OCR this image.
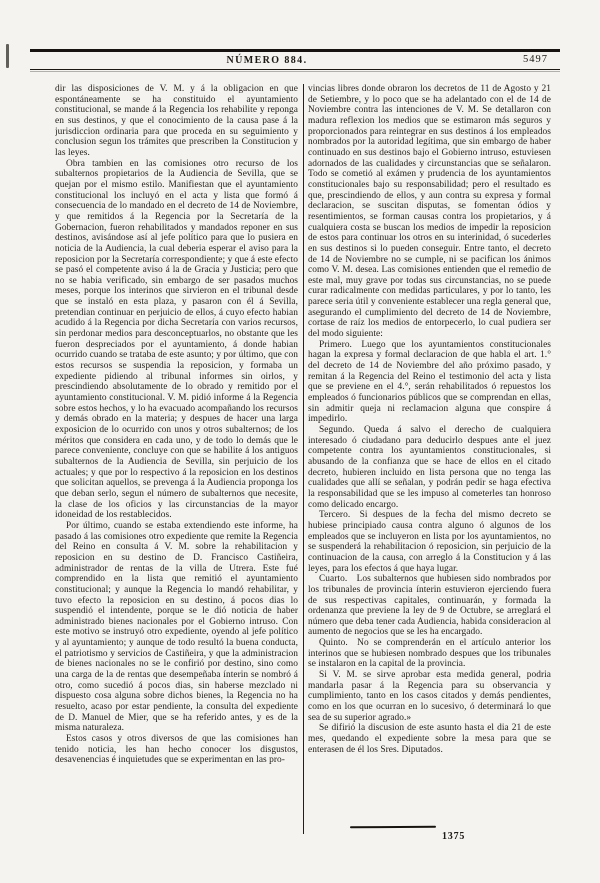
NÚMERO 884.	5497

dir las disposiciones de V. M. y á la obligacion en que espontáneamente se ha constituido el ayuntamiento constitucional, se mande á la Regencia los rehabilite y reponga en sus destinos, y que el conocimiento de la causa pase á la jurisdiccion ordinaria para que proceda en su seguimiento y conclusion segun los trámites que prescriben la Constitucion y las leyes.

Obra tambien en las comisiones otro recurso de los subalternos propietarios de la Audiencia de Sevilla, que se quejan por el mismo estilo. Manifiestan que el ayuntamiento constitucional los incluyó en el acta y lista que formó á consecuencia de lo mandado en el decreto de 14 de Noviembre, y que remitidos á la Regencia por la Secretaría de la Gobernacion, fueron rehabilitados y mandados reponer en sus destinos, avisándose así al jefe político para que lo pusiera en noticia de la Audiencia, la cual deberia esperar el aviso para la reposicion por la Secretaría correspondiente; y que á este efecto se pasó el competente aviso á la de Gracia y Justicia; pero que no se habia verificado, sin embargo de ser pasados muchos meses, porque los interinos que sirvieron en el tribunal desde que se instaló en esta plaza, y pasaron con él á Sevilla, pretendian continuar en perjuicio de ellos, á cuyo efecto habian acudido á la Regencia por dicha Secretaría con varios recursos, sin perdonar medios para desconceptuarlos, no obstante que les fueron despreciados por el ayuntamiento, á donde habian ocurrido cuando se trataba de este asunto; y por último, que con estos recursos se suspendia la reposicion, y formaba un expediente pidiendo al tribunal informes sin oirlos, y prescindiendo absolutamente de lo obrado y remitido por el ayuntamiento constitucional. V. M. pidió informe á la Regencia sobre estos hechos, y lo ha evacuado acompañando los recursos y demás obrado en la materia; y despues de hacer una larga exposicion de lo ocurrido con unos y otros subalternos; de los méritos que considera en cada uno, y de todo lo demás que le parece conveniente, concluye con que se habilite á los antiguos subalternos de la Audiencia de Sevilla, sin perjuicio de los actuales; y que por lo respectivo á la reposicion en los destinos que solicitan aquellos, se prevenga á la Audiencia proponga los que deban serlo, segun el número de subalternos que necesite, la clase de los oficios y las circunstancias de la mayor idoneidad de los restablecidos.

Por último, cuando se estaba extendiendo este informe, ha pasado á las comisiones otro expediente que remite la Regencia del Reino en consulta á V. M. sobre la rehabilitacion y reposicion en su destino de D. Francisco Castiñeira, administrador de rentas de la villa de Utrera. Este fué comprendido en la lista que remitió el ayuntamiento constitucional; y aunque la Regencia lo mandó rehabilitar, y tuvo efecto la reposicion en su destino, á pocos dias lo suspendió el intendente, porque se le dió noticia de haber administrado bienes nacionales por el Gobierno intruso. Con este motivo se instruyó otro expediente, oyendo al jefe político y al ayuntamiento; y aunque de todo resultó la buena conducta, el patriotismo y servicios de Castiñeira, y que la administracion de bienes nacionales no se le confirió por destino, sino como una carga de la de rentas que desempeñaba ínterin se nombró á otro, como sucedió á pocos dias, sin haberse mezclado ni dispuesto cosa alguna sobre dichos bienes, la Regencia no ha resuelto, acaso por estar pendiente, la consulta del expediente de D. Manuel de Mier, que se ha referido antes, y es de la misma naturaleza.

Estos casos y otros diversos de que las comisiones han tenido noticia, les han hecho conocer los disgustos, desavenencias é inquietudes que se experimentan en las pro-

vincias libres donde obraron los decretos de 11 de Agosto y 21 de Setiembre, y lo poco que se ha adelantado con el de 14 de Noviembre contra las intenciones de V. M. Se detallaron con madura reflexion los medios que se estimaron más seguros y proporcionados para reintegrar en sus destinos á los empleados nombrados por la autoridad legítima, que sin embargo de haber continuado en sus destinos bajo el Gobierno intruso, estuviesen adornados de las cualidades y circunstancias que se señalaron. Todo se cometió al exámen y prudencia de los ayuntamientos constitucionales bajo su responsabilidad; pero el resultado es que, prescindiendo de ellos, y aun contra su expresa y formal declaracion, se suscitan disputas, se fomentan ódios y resentimientos, se forman causas contra los propietarios, y á cualquiera costa se buscan los medios de impedir la reposicion de estos para continuar los otros en su interinidad, ó sucederles en sus destinos si lo pueden conseguir. Entre tanto, el decreto de 14 de Noviembre no se cumple, ni se pacifican los ánimos como V. M. desea. Las comisiones entienden que el remedio de este mal, muy grave por todas sus circunstancias, no se puede curar radicalmente con medidas particulares, y por lo tanto, les parece seria útil y conveniente establecer una regla general que, asegurando el cumplimiento del decreto de 14 de Noviembre, cortase de raíz los medios de entorpecerlo, lo cual pudiera ser del modo siguiente:

Primero. Luego que los ayuntamientos constitucionales hagan la expresa y formal declaracion de que habla el art. 1.° del decreto de 14 de Noviembre del año próximo pasado, y remitan á la Regencia del Reino el testimonio del acta y lista que se previene en el 4.°, serán rehabilitados ó repuestos los empleados ó funcionarios públicos que se comprendan en ellas, sin admitir queja ni reclamacion alguna que conspire á impedirlo.

Segundo. Queda á salvo el derecho de cualquiera interesado ó ciudadano para deducirlo despues ante el juez competente contra los ayuntamientos constitucionales, si abusando de la confianza que se hace de ellos en el citado decreto, hubieren incluido en lista persona que no tenga las cualidades que allí se señalan, y podrán pedir se haga efectiva la responsabilidad que se les impuso al cometerles tan honroso como delicado encargo.

Tercero. Si despues de la fecha del mismo decreto se hubiese principiado causa contra alguno ó algunos de los empleados que se incluyeron en lista por los ayuntamientos, no se suspenderá la rehabilitacion ó reposicion, sin perjuicio de la continuacion de la causa, con arreglo á la Constitucion y á las leyes, para los efectos á que haya lugar.

Cuarto. Los subalternos que hubiesen sido nombrados por los tribunales de provincia ínterin estuvieron ejerciendo fuera de sus respectivas capitales, continuarán, y formada la ordenanza que previene la ley de 9 de Octubre, se arreglará el número que deba tener cada Audiencia, habida consideracion al aumento de negocios que se les ha encargado.

Quinto. No se comprenderán en el artículo anterior los interinos que se hubiesen nombrado despues que los tribunales se instalaron en la capital de la provincia.

Si V. M. se sirve aprobar esta medida general, podria mandarla pasar á la Regencia para su observancia y cumplimiento, tanto en los casos citados y demás pendientes, como en los que ocurran en lo sucesivo, ó determinará lo que sea de su superior agrado.»

Se difirió la discusion de este asunto hasta el dia 21 de este mes, quedando el expediente sobre la mesa para que se enterasen de él los Sres. Diputados.

1375
